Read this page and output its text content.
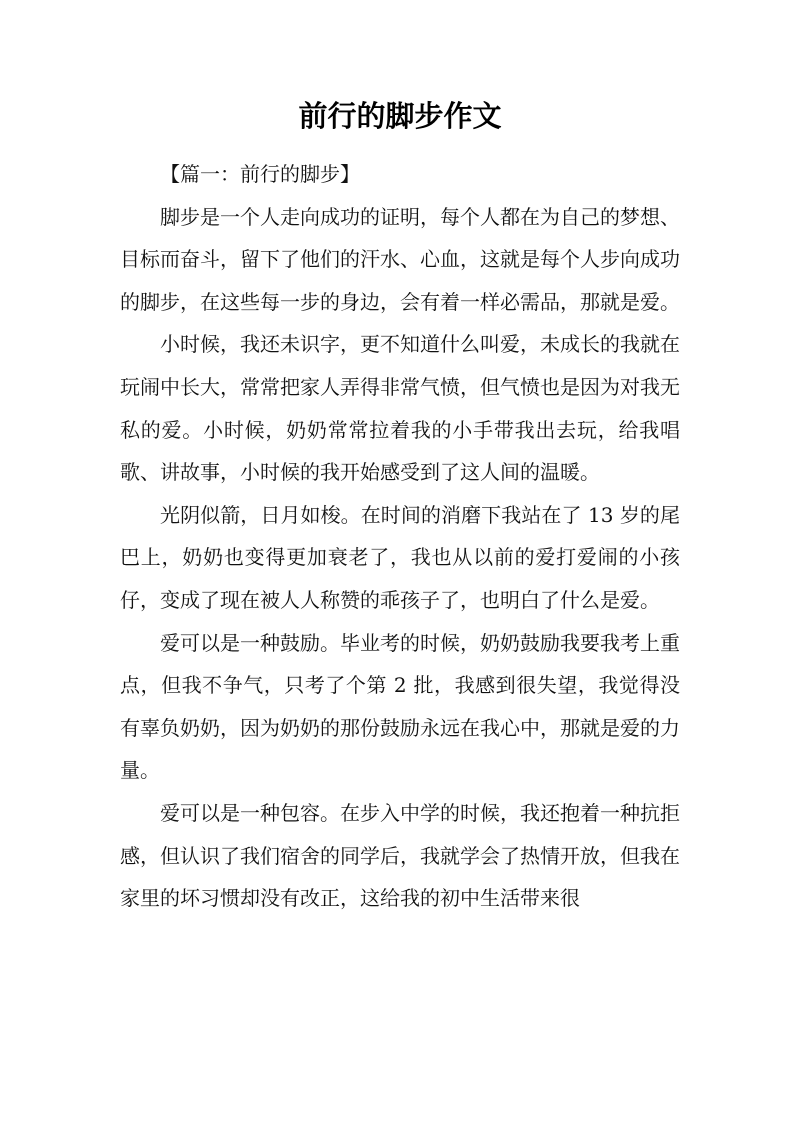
前行的脚步作文

【篇一：前行的脚步】

脚步是一个人走向成功的证明，每个人都在为自己的梦想、目标而奋斗，留下了他们的汗水、心血，这就是每个人步向成功的脚步，在这些每一步的身边，会有着一样必需品，那就是爱。

小时候，我还未识字，更不知道什么叫爱，未成长的我就在玩闹中长大，常常把家人弄得非常气愤，但气愤也是因为对我无私的爱。小时候，奶奶常常拉着我的小手带我出去玩，给我唱歌、讲故事，小时候的我开始感受到了这人间的温暖。

光阴似箭，日月如梭。在时间的消磨下我站在了 13 岁的尾巴上，奶奶也变得更加衰老了，我也从以前的爱打爱闹的小孩仔，变成了现在被人人称赞的乖孩子了，也明白了什么是爱。

爱可以是一种鼓励。毕业考的时候，奶奶鼓励我要我考上重点，但我不争气，只考了个第 2 批，我感到很失望，我觉得没有辜负奶奶，因为奶奶的那份鼓励永远在我心中，那就是爱的力量。

爱可以是一种包容。在步入中学的时候，我还抱着一种抗拒感，但认识了我们宿舍的同学后，我就学会了热情开放，但我在家里的坏习惯却没有改正，这给我的初中生活带来很
